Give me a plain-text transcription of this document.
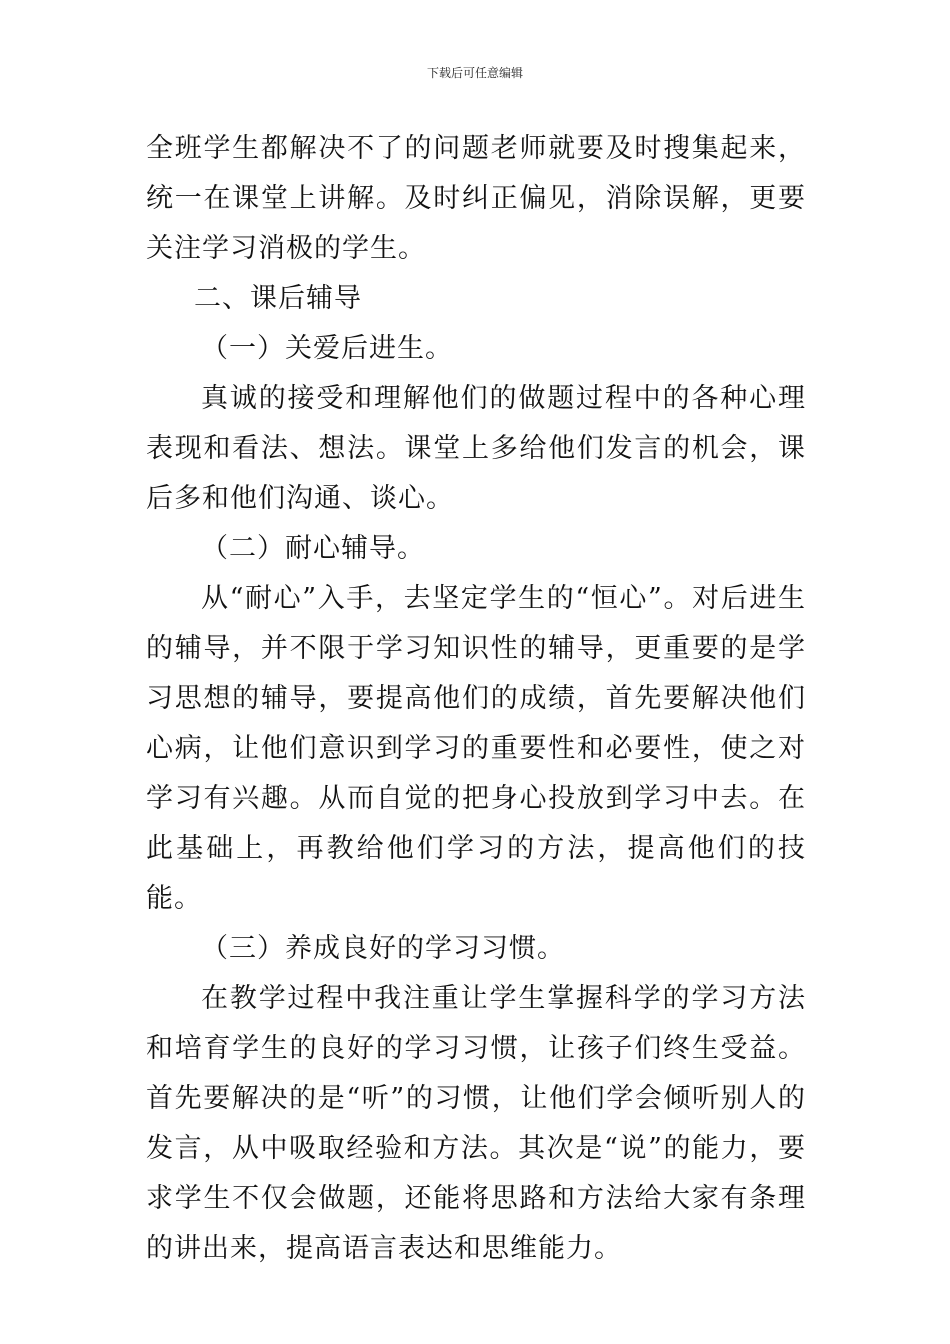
下载后可任意编辑

全班学生都解决不了的问题老师就要及时搜集起来，统一在课堂上讲解。及时纠正偏见，消除误解，更要关注学习消极的学生。

二、课后辅导

（一）关爱后进生。

真诚的接受和理解他们的做题过程中的各种心理表现和看法、想法。课堂上多给他们发言的机会，课后多和他们沟通、谈心。

（二）耐心辅导。

从“耐心”入手，去坚定学生的“恒心”。对后进生的辅导，并不限于学习知识性的辅导，更重要的是学习思想的辅导，要提高他们的成绩，首先要解决他们心病，让他们意识到学习的重要性和必要性，使之对学习有兴趣。从而自觉的把身心投放到学习中去。在此基础上，再教给他们学习的方法，提高他们的技能。

（三）养成良好的学习习惯。

在教学过程中我注重让学生掌握科学的学习方法和培育学生的良好的学习习惯，让孩子们终生受益。首先要解决的是“听”的习惯，让他们学会倾听别人的发言，从中吸取经验和方法。其次是“说”的能力，要求学生不仅会做题，还能将思路和方法给大家有条理的讲出来，提高语言表达和思维能力。
